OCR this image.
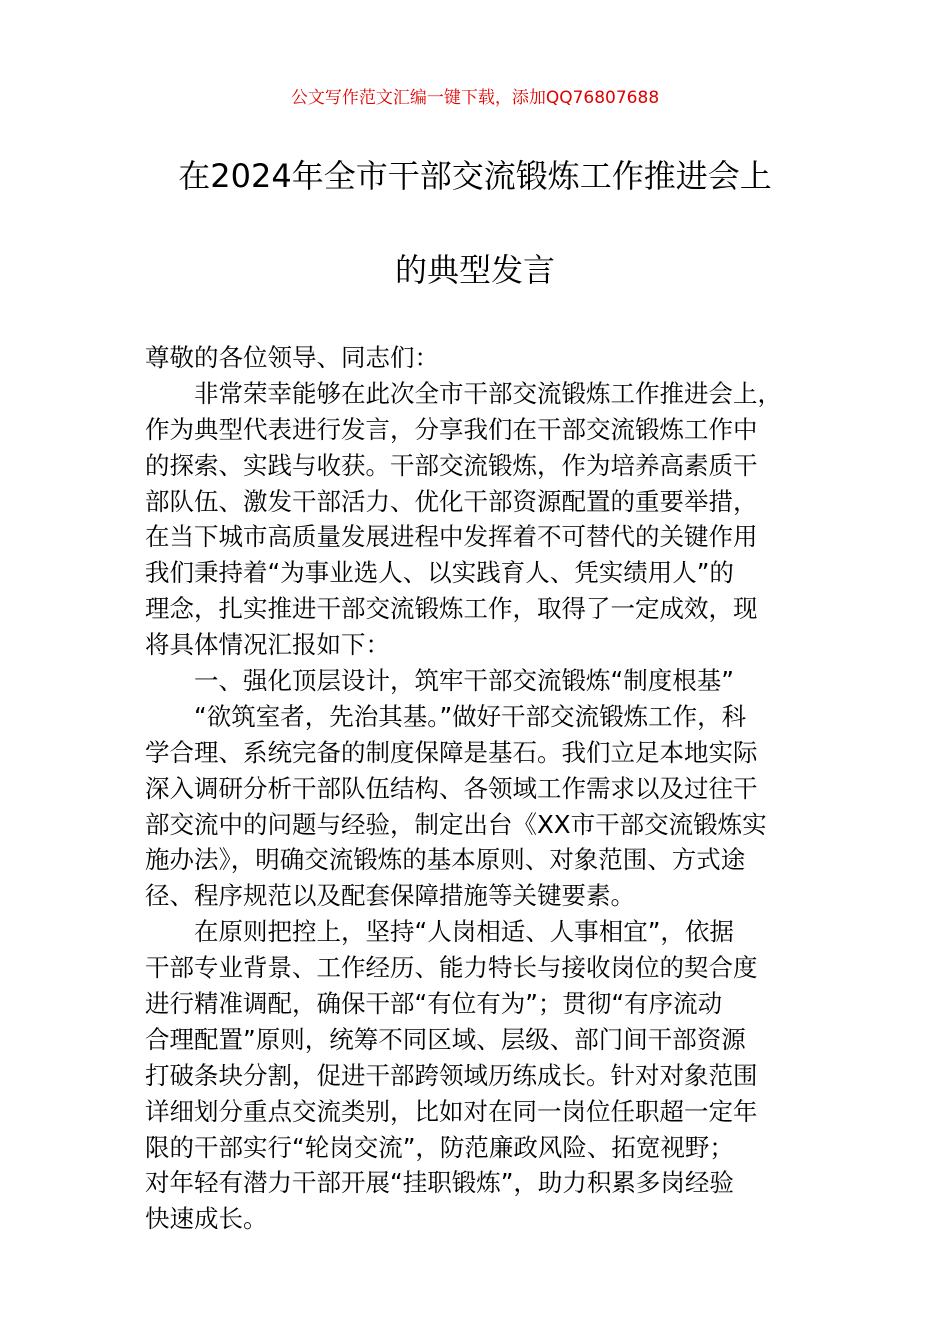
公文写作范文汇编一键下载，添加QQ76807688
在2024年全市干部交流锻炼工作推进会上
的典型发言
尊敬的各位领导、同志们：
非常荣幸能够在此次全市干部交流锻炼工作推进会上，
作为典型代表进行发言，分享我们在干部交流锻炼工作中
的探索、实践与收获。干部交流锻炼，作为培养高素质干
部队伍、激发干部活力、优化干部资源配置的重要举措，
在当下城市高质量发展进程中发挥着不可替代的关键作用
我们秉持着“为事业选人、以实践育人、凭实绩用人”的
理念，扎实推进干部交流锻炼工作，取得了一定成效，现
将具体情况汇报如下：
一、强化顶层设计，筑牢干部交流锻炼“制度根基”
“欲筑室者，先治其基。”做好干部交流锻炼工作，科
学合理、系统完备的制度保障是基石。我们立足本地实际
深入调研分析干部队伍结构、各领域工作需求以及过往干
部交流中的问题与经验，制定出台《XX市干部交流锻炼实
施办法》，明确交流锻炼的基本原则、对象范围、方式途
径、程序规范以及配套保障措施等关键要素。
在原则把控上，坚持“人岗相适、人事相宜”，依据
干部专业背景、工作经历、能力特长与接收岗位的契合度
进行精准调配，确保干部“有位有为”；贯彻“有序流动
合理配置”原则，统筹不同区域、层级、部门间干部资源
打破条块分割，促进干部跨领域历练成长。针对对象范围
详细划分重点交流类别，比如对在同一岗位任职超一定年
限的干部实行“轮岗交流”，防范廉政风险、拓宽视野；
对年轻有潜力干部开展“挂职锻炼”，助力积累多岗经验
快速成长。
